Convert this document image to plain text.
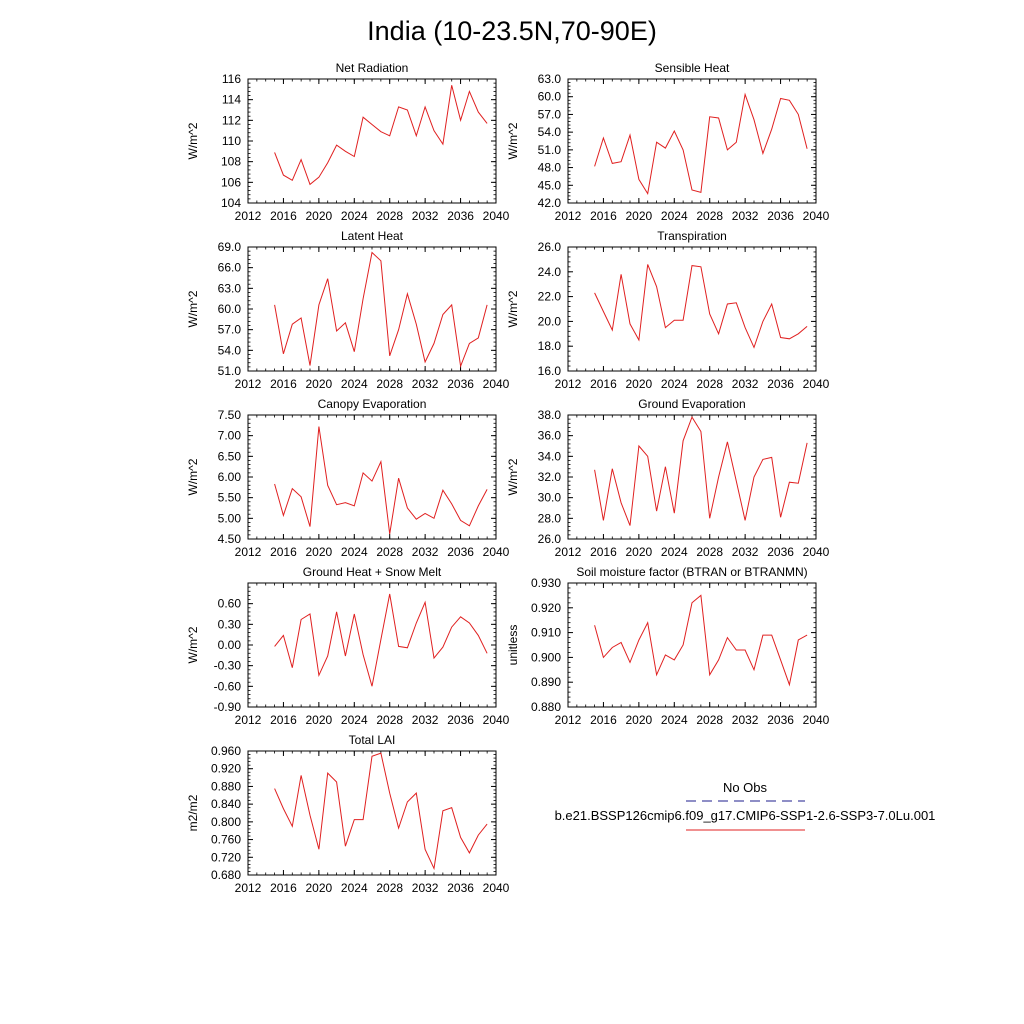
India (10-23.5N,70-90E)
Net Radiation
W/m^2
2012 2016 2020 2024 2028 2032 2036 2040
104
106
108
110
112
114
116
Sensible Heat
W/m^2
2012 2016 2020 2024 2028 2032 2036 2040
42.0
45.0
48.0
51.0
54.0
57.0
60.0
63.0
Latent Heat
W/m^2
2012 2016 2020 2024 2028 2032 2036 2040
51.0
54.0
57.0
60.0
63.0
66.0
69.0
Transpiration
W/m^2
2012 2016 2020 2024 2028 2032 2036 2040
16.0
18.0
20.0
22.0
24.0
26.0
Canopy Evaporation
W/m^2
2012 2016 2020 2024 2028 2032 2036 2040
4.50
5.00
5.50
6.00
6.50
7.00
7.50
Ground Evaporation
W/m^2
2012 2016 2020 2024 2028 2032 2036 2040
26.0
28.0
30.0
32.0
34.0
36.0
38.0
Ground Heat + Snow Melt
W/m^2
2012 2016 2020 2024 2028 2032 2036 2040
-0.90
-0.60
-0.30
0.00
0.30
0.60
Soil moisture factor (BTRAN or BTRANMN)
unitless
2012 2016 2020 2024 2028 2032 2036 2040
0.880
0.890
0.900
0.910
0.920
0.930
Total LAI
m2/m2
2012 2016 2020 2024 2028 2032 2036 2040
0.680
0.720
0.760
0.800
0.840
0.880
0.920
0.960
No Obs
b.e21.BSSP126cmip6.f09_g17.CMIP6-SSP1-2.6-SSP3-7.0Lu.001
